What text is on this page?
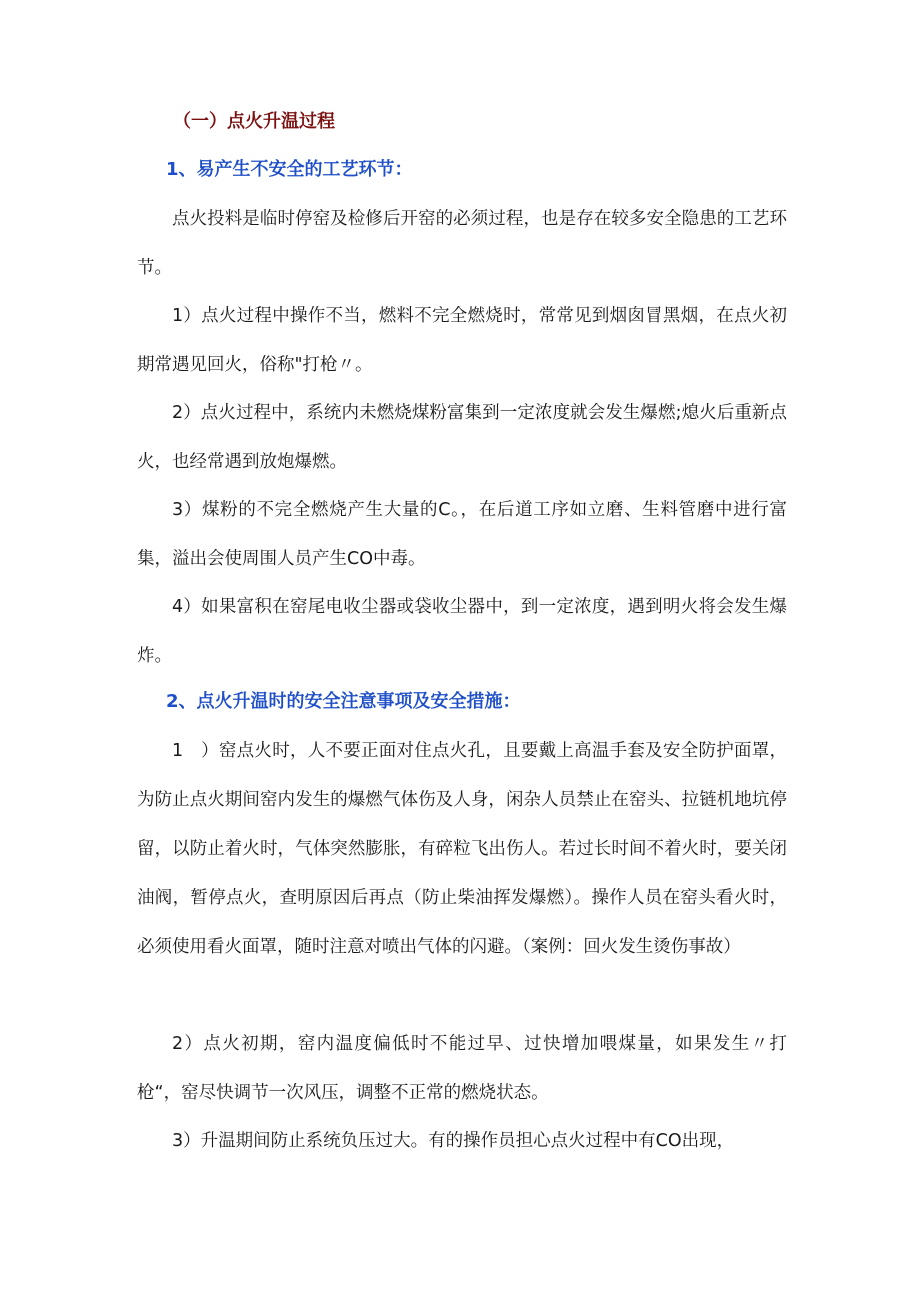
（一）点火升温过程
1、易产生不安全的工艺环节：

点火投料是临时停窑及检修后开窑的必须过程，也是存在较多安全隐患的工艺环节。

1）点火过程中操作不当，燃料不完全燃烧时，常常见到烟囱冒黑烟，在点火初期常遇见回火，俗称"打枪〃。

2）点火过程中，系统内未燃烧煤粉富集到一定浓度就会发生爆燃;熄火后重新点火，也经常遇到放炮爆燃。

3）煤粉的不完全燃烧产生大量的C。，在后道工序如立磨、生料管磨中进行富集，溢出会使周围人员产生CO中毒。

4）如果富积在窑尾电收尘器或袋收尘器中，到一定浓度，遇到明火将会发生爆炸。

2、点火升温时的安全注意事项及安全措施：

1　）窑点火时，人不要正面对住点火孔，且要戴上高温手套及安全防护面罩，为防止点火期间窑内发生的爆燃气体伤及人身，闲杂人员禁止在窑头、拉链机地坑停留，以防止着火时，气体突然膨胀，有碎粒飞出伤人。若过长时间不着火时，要关闭油阀，暂停点火，查明原因后再点（防止柴油挥发爆燃）。操作人员在窑头看火时，必须使用看火面罩，随时注意对喷出气体的闪避。（案例：回火发生烫伤事故）

2）点火初期，窑内温度偏低时不能过早、过快增加喂煤量，如果发生〃打枪“，窑尽快调节一次风压，调整不正常的燃烧状态。

3）升温期间防止系统负压过大。有的操作员担心点火过程中有CO出现，
